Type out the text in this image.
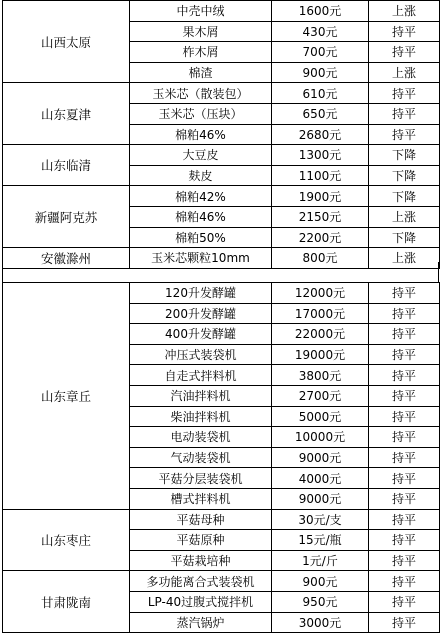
山西太原	中壳中绒	1600元	上涨
	果木屑	430元	持平
	柞木屑	700元	持平
	棉渣	900元	上涨
山东夏津	玉米芯（散装包）	610元	持平
	玉米芯（压块）	650元	持平
	棉粕46%	2680元	持平
山东临清	大豆皮	1300元	下降
	麸皮	1100元	下降
新疆阿克苏	棉粕42%	1900元	下降
	棉粕46%	2150元	上涨
	棉粕50%	2200元	下降
安徽滁州	玉米芯颗粒10mm	800元	上涨
山东章丘	120升发酵罐	12000元	持平
	200升发酵罐	17000元	持平
	400升发酵罐	22000元	持平
	冲压式装袋机	19000元	持平
	自走式拌料机	3800元	持平
	汽油拌料机	2700元	持平
	柴油拌料机	5000元	持平
	电动装袋机	10000元	持平
	气动装袋机	9000元	持平
	平菇分层装袋机	4000元	持平
	槽式拌料机	9000元	持平
山东枣庄	平菇母种	30元/支	持平
	平菇原种	15元/瓶	持平
	平菇栽培种	1元/斤	持平
甘肃陇南	多功能离合式装袋机	900元	持平
	LP-40过腹式搅拌机	950元	持平
	蒸汽锅炉	3000元	持平
